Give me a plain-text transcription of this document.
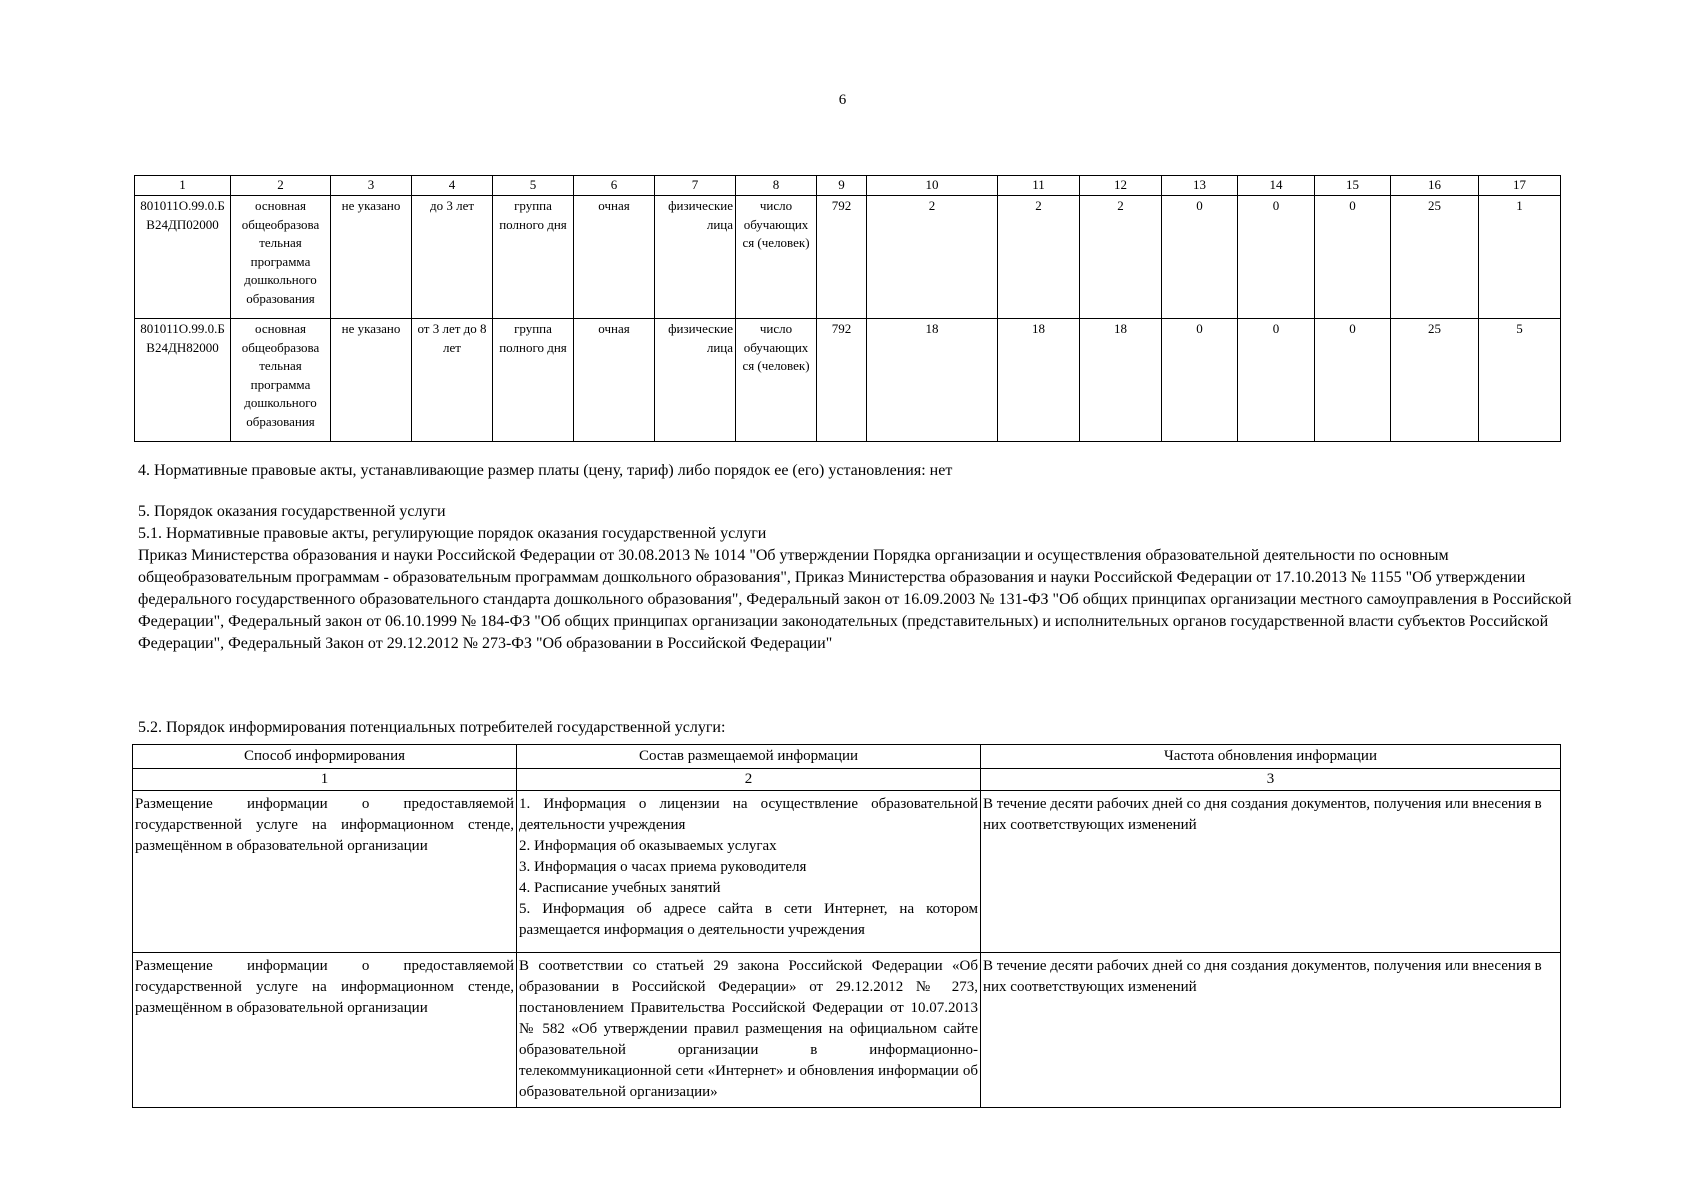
6
1	2	3	4	5	6	7	8	9	10	11	12	13	14	15	16	17
801011О.99.0.БВ24ДП02000	основная общеобразова тельная программа дошкольного образования	не указано	до 3 лет	группа полного дня	очная	физические лица	число обучающих ся (человек)	792	2	2	2	0	0	0	25	1
801011О.99.0.БВ24ДН82000	основная общеобразова тельная программа дошкольного образования	не указано	от 3 лет до 8 лет	группа полного дня	очная	физические лица	число обучающих ся (человек)	792	18	18	18	0	0	0	25	5
4. Нормативные правовые акты, устанавливающие размер платы (цену, тариф) либо порядок ее (его) установления: нет
5. Порядок оказания государственной услуги
5.1. Нормативные правовые акты, регулирующие порядок оказания государственной услуги
Приказ Министерства образования и науки Российской Федерации от 30.08.2013 № 1014 "Об утверждении Порядка организации и осуществления образовательной деятельности по основным общеобразовательным программам - образовательным программам дошкольного образования", Приказ Министерства образования и науки Российской Федерации от 17.10.2013 № 1155 "Об утверждении федерального государственного образовательного стандарта дошкольного образования", Федеральный закон от 16.09.2003 № 131-ФЗ "Об общих принципах организации местного самоуправления в Российской Федерации", Федеральный закон от 06.10.1999 № 184-ФЗ "Об общих принципах организации законодательных (представительных) и исполнительных органов государственной власти субъектов Российской Федерации", Федеральный Закон от 29.12.2012 № 273-ФЗ "Об образовании в Российской Федерации"
5.2. Порядок информирования потенциальных потребителей государственной услуги:
Способ информирования	Состав размещаемой информации	Частота обновления информации
1	2	3
Размещение информации о предоставляемой государственной услуге на информационном стенде, размещённом в образовательной организации	1. Информация о лицензии на осуществление образовательной деятельности учреждения
2. Информация об оказываемых услугах
3. Информация о часах приема руководителя
4. Расписание учебных занятий
5. Информация об адресе сайта в сети Интернет, на котором размещается информация о деятельности учреждения	В течение десяти рабочих дней со дня создания документов, получения или внесения в них соответствующих изменений
Размещение информации о предоставляемой государственной услуге на информационном стенде, размещённом в образовательной организации	В соответствии со статьей 29 закона Российской Федерации «Об образовании в Российской Федерации» от 29.12.2012 № 273, постановлением Правительства Российской Федерации от 10.07.2013 № 582 «Об утверждении правил размещения на официальном сайте образовательной организации в информационно-телекоммуникационной сети «Интернет» и обновления информации об образовательной организации»	В течение десяти рабочих дней со дня создания документов, получения или внесения в них соответствующих изменений
